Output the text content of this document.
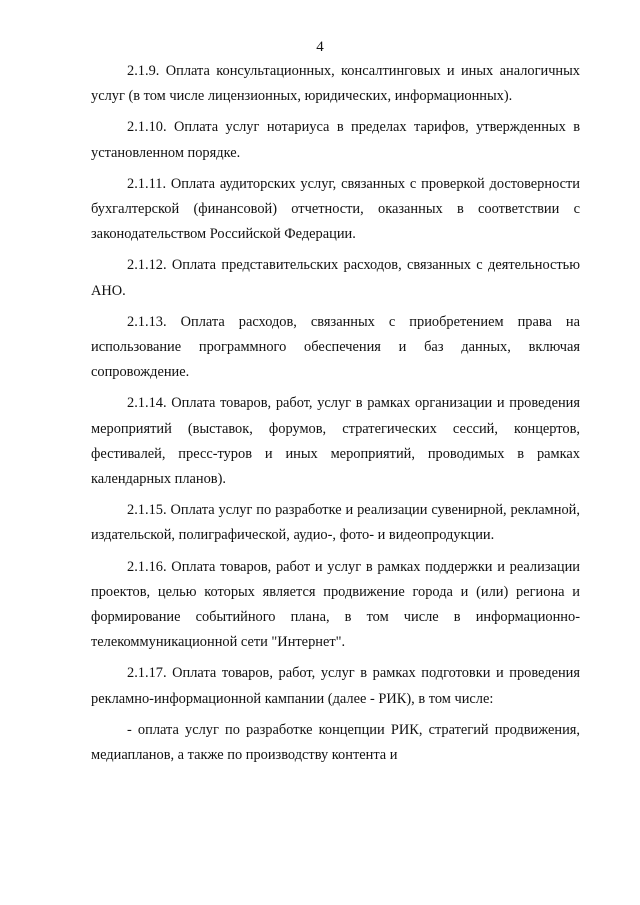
4

2.1.9. Оплата консультационных, консалтинговых и иных аналогичных услуг (в том числе лицензионных, юридических, информационных).

2.1.10. Оплата услуг нотариуса в пределах тарифов, утвержденных в установленном порядке.

2.1.11. Оплата аудиторских услуг, связанных с проверкой достоверности бухгалтерской (финансовой) отчетности, оказанных в соответствии с законодательством Российской Федерации.

2.1.12. Оплата представительских расходов, связанных с деятельностью АНО.

2.1.13. Оплата расходов, связанных с приобретением права на использование программного обеспечения и баз данных, включая сопровождение.

2.1.14. Оплата товаров, работ, услуг в рамках организации и проведения мероприятий (выставок, форумов, стратегических сессий, концертов, фестивалей, пресс-туров и иных мероприятий, проводимых в рамках календарных планов).

2.1.15. Оплата услуг по разработке и реализации сувенирной, рекламной, издательской, полиграфической, аудио-, фото- и видеопродукции.

2.1.16. Оплата товаров, работ и услуг в рамках поддержки и реализации проектов, целью которых является продвижение города и (или) региона и формирование событийного плана, в том числе в информационно-телекоммуникационной сети "Интернет".

2.1.17. Оплата товаров, работ, услуг в рамках подготовки и проведения рекламно-информационной кампании (далее - РИК), в том числе:

- оплата услуг по разработке концепции РИК, стратегий продвижения, медиапланов, а также по производству контента и
